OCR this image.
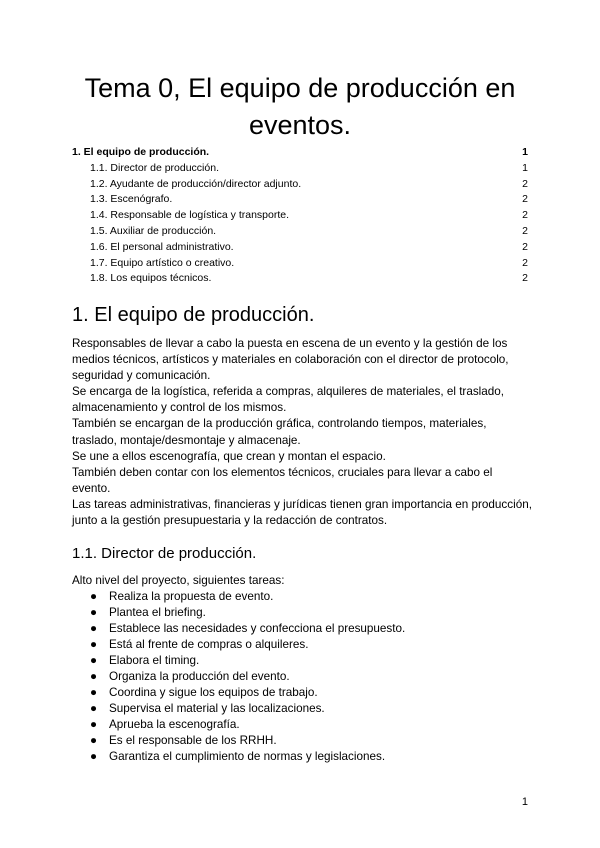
Tema 0, El equipo de producción en eventos.
1. El equipo de producción.	1
1.1. Director de producción.	1
1.2. Ayudante de producción/director adjunto.	2
1.3. Escenógrafo.	2
1.4. Responsable de logística y transporte.	2
1.5. Auxiliar de producción.	2
1.6. El personal administrativo.	2
1.7. Equipo artístico o creativo.	2
1.8. Los equipos técnicos.	2
1. El equipo de producción.

Responsables de llevar a cabo la puesta en escena de un evento y la gestión de los medios técnicos, artísticos y materiales en colaboración con el director de protocolo, seguridad y comunicación.

Se encarga de la logística, referida a compras, alquileres de materiales, el traslado, almacenamiento y control de los mismos.

También se encargan de la producción gráfica, controlando tiempos, materiales, traslado, montaje/desmontaje y almacenaje.

Se une a ellos escenografía, que crean y montan el espacio.

También deben contar con los elementos técnicos, cruciales para llevar a cabo el evento.

Las tareas administrativas, financieras y jurídicas tienen gran importancia en producción, junto a la gestión presupuestaria y la redacción de contratos.

1.1. Director de producción.

Alto nivel del proyecto, siguientes tareas:

● Realiza la propuesta de evento.
● Plantea el briefing.
● Establece las necesidades y confecciona el presupuesto.
● Está al frente de compras o alquileres.
● Elabora el timing.
● Organiza la producción del evento.
● Coordina y sigue los equipos de trabajo.
● Supervisa el material y las localizaciones.
● Aprueba la escenografía.
● Es el responsable de los RRHH.
● Garantiza el cumplimiento de normas y legislaciones.
1
